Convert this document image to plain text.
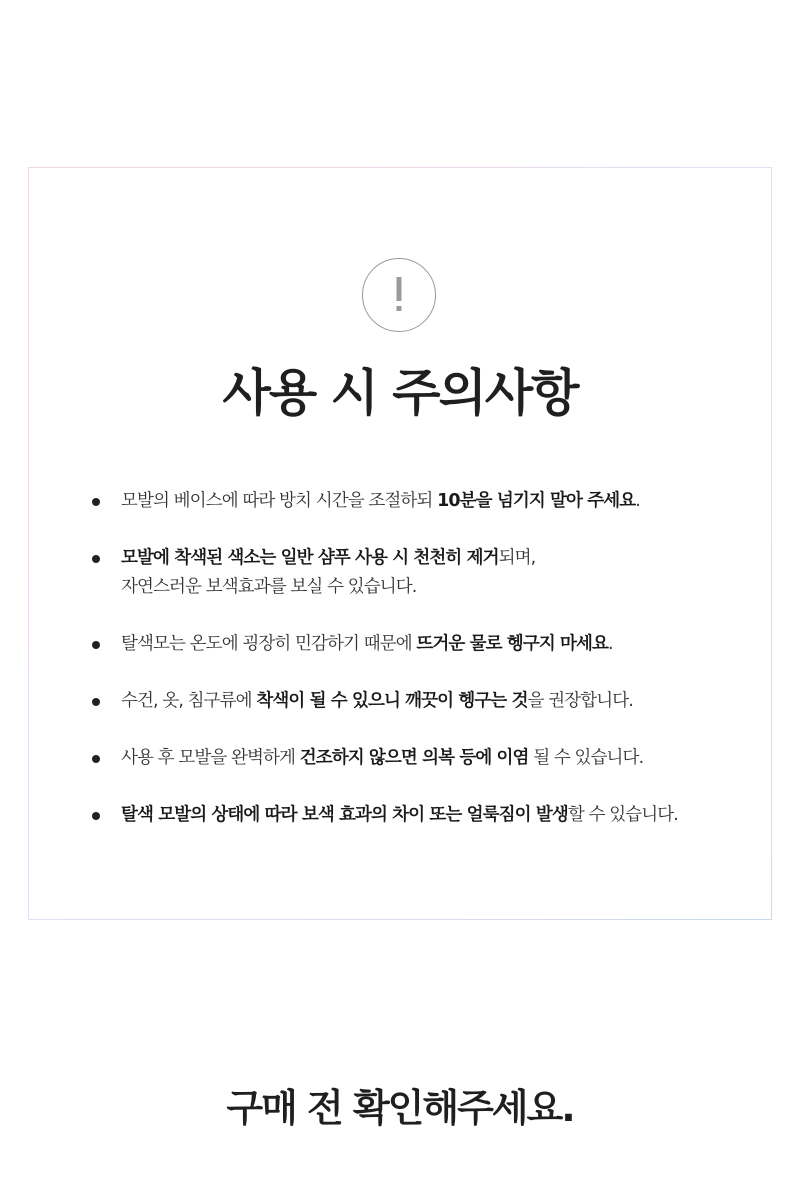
사용 시 주의사항
모발의 베이스에 따라 방치 시간을 조절하되 10분을 넘기지 말아 주세요.
모발에 착색된 색소는 일반 샴푸 사용 시 천천히 제거되며,
자연스러운 보색효과를 보실 수 있습니다.
탈색모는 온도에 굉장히 민감하기 때문에 뜨거운 물로 헹구지 마세요.
수건, 옷, 침구류에 착색이 될 수 있으니 깨끗이 헹구는 것을 권장합니다.
사용 후 모발을 완벽하게 건조하지 않으면 의복 등에 이염 될 수 있습니다.
탈색 모발의 상태에 따라 보색 효과의 차이 또는 얼룩짐이 발생할 수 있습니다.
구매 전 확인해주세요.
